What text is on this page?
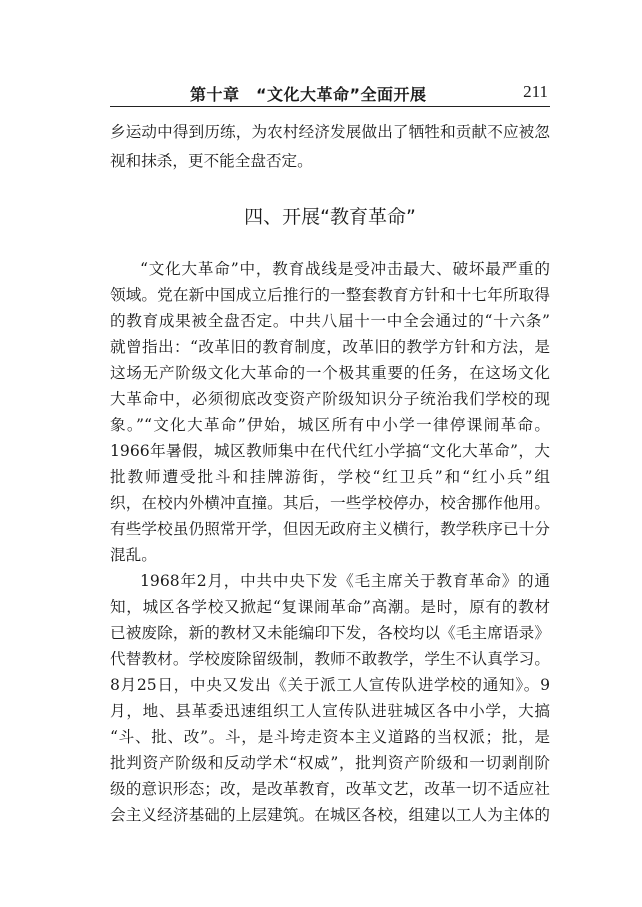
第十章　“文化大革命”全面开展	211
乡运动中得到历练，为农村经济发展做出了牺牲和贡献不应被忽
视和抹杀，更不能全盘否定。
四、开展“教育革命”
“文化大革命”中，教育战线是受冲击最大、破坏最严重的
领域。党在新中国成立后推行的一整套教育方针和十七年所取得
的教育成果被全盘否定。中共八届十一中全会通过的“十六条”
就曾指出：“改革旧的教育制度，改革旧的教学方针和方法，是
这场无产阶级文化大革命的一个极其重要的任务，在这场文化
大革命中，必须彻底改变资产阶级知识分子统治我们学校的现
象。”“文化大革命”伊始，城区所有中小学一律停课闹革命。
1966年暑假，城区教师集中在代代红小学搞“文化大革命”，大
批教师遭受批斗和挂牌游街，学校“红卫兵”和“红小兵”组
织，在校内外横冲直撞。其后，一些学校停办，校舍挪作他用。
有些学校虽仍照常开学，但因无政府主义横行，教学秩序已十分
混乱。
1968年2月，中共中央下发《毛主席关于教育革命》的通
知，城区各学校又掀起“复课闹革命”高潮。是时，原有的教材
已被废除，新的教材又未能编印下发，各校均以《毛主席语录》
代替教材。学校废除留级制，教师不敢教学，学生不认真学习。
8月25日，中央又发出《关于派工人宣传队进学校的通知》。9
月，地、县革委迅速组织工人宣传队进驻城区各中小学，大搞
“斗、批、改”。斗，是斗垮走资本主义道路的当权派；批，是
批判资产阶级和反动学术“权威”，批判资产阶级和一切剥削阶
级的意识形态；改，是改革教育，改革文艺，改革一切不适应社
会主义经济基础的上层建筑。在城区各校，组建以工人为主体的
